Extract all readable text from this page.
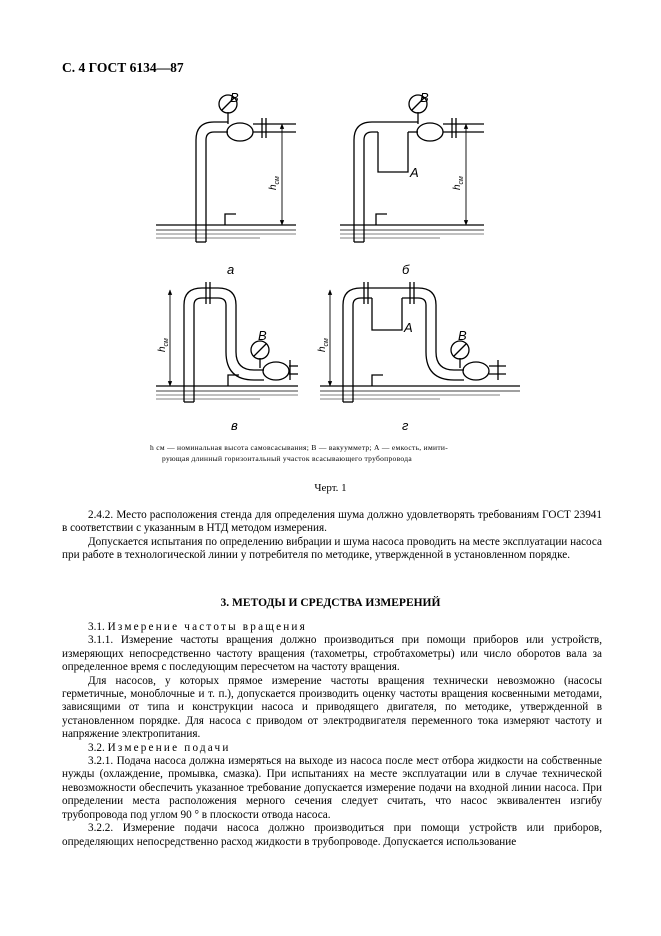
С. 4 ГОСТ 6134—87
В	В
В	В
А
А
$h_{см}$
$h_{см}$
$h_{см}$
$h_{см}$
а	б
в	г

h см — номинальная высота самовсасывания; В — вакуумметр; А — емкость, имити-

рующая длинный горизонтальный участок всасывающего трубопровода

Черт. 1

2.4.2. Место расположения стенда для определения шума должно удовлетворять требованиям ГОСТ 23941 в соответствии с указанным в НТД методом измерения.

Допускается испытания по определению вибрации и шума насоса проводить на месте эксплуатации насоса при работе в технологической линии у потребителя по методике, утвержденной в установленном порядке.

3. МЕТОДЫ И СРЕДСТВА ИЗМЕРЕНИЙ

3.1. Измерение частоты вращения

3.1.1. Измерение частоты вращения должно производиться при помощи приборов или устройств, измеряющих непосредственно частоту вращения (тахометры, стробтахометры) или число оборотов вала за определенное время с последующим пересчетом на частоту вращения.

Для насосов, у которых прямое измерение частоты вращения технически невозможно (насосы герметичные, моноблочные и т. п.), допускается производить оценку частоты вращения косвенными методами, зависящими от типа и конструкции насоса и приводящего двигателя, по методике, утвержденной в установленном порядке. Для насоса с приводом от электродвигателя переменного тока измеряют частоту и напряжение электропитания.

3.2. Измерение подачи

3.2.1. Подача насоса должна измеряться на выходе из насоса после мест отбора жидкости на собственные нужды (охлаждение, промывка, смазка). При испытаниях на месте эксплуатации или в случае технической невозможности обеспечить указанное требование допускается измерение подачи на входной линии насоса. При определении места расположения мерного сечения следует считать, что насос эквивалентен изгибу трубопровода под углом 90 ° в плоскости отвода насоса.

3.2.2. Измерение подачи насоса должно производиться при помощи устройств или приборов, определяющих непосредственно расход жидкости в трубопроводе. Допускается использование
